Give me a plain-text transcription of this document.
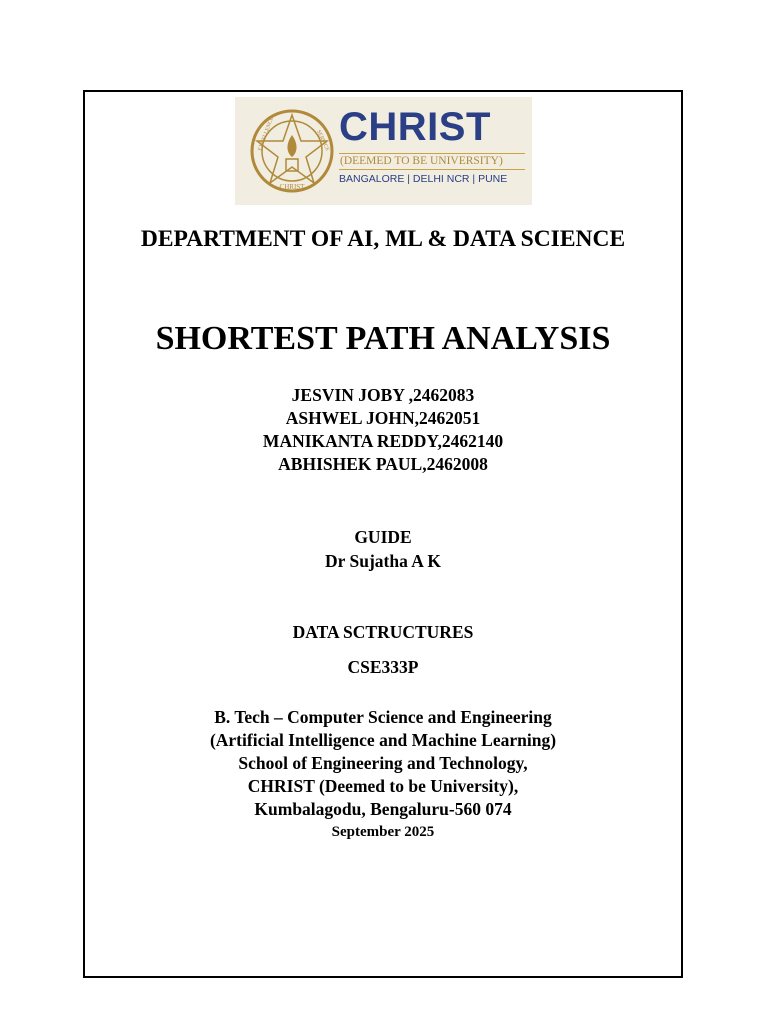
CHRIST
EXCELLENCE	SERVICE CHRIST
(DEEMED TO BE UNIVERSITY)
BANGALORE | DELHI NCR | PUNE
DEPARTMENT OF AI, ML & DATA SCIENCE
SHORTEST PATH ANALYSIS
JESVIN JOBY ,2462083
ASHWEL JOHN,2462051
MANIKANTA REDDY,2462140
ABHISHEK PAUL,2462008
GUIDE
Dr Sujatha A K
DATA SCTRUCTURES
CSE333P
B. Tech – Computer Science and Engineering
(Artificial Intelligence and Machine Learning)
School of Engineering and Technology,
CHRIST (Deemed to be University),
Kumbalagodu, Bengaluru-560 074
September 2025
